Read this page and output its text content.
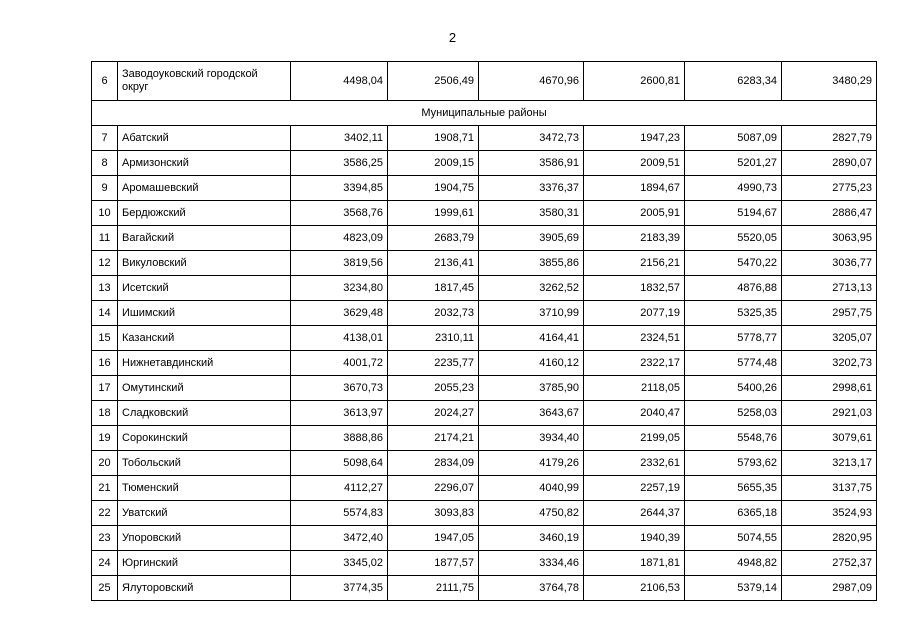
2
6	Заводоуковский городской округ	4498,04	2506,49	4670,96	2600,81	6283,34	3480,29
Муниципальные районы							
7	Абатский	3402,11	1908,71	3472,73	1947,23	5087,09	2827,79
8	Армизонский	3586,25	2009,15	3586,91	2009,51	5201,27	2890,07
9	Аромашевский	3394,85	1904,75	3376,37	1894,67	4990,73	2775,23
10	Бердюжский	3568,76	1999,61	3580,31	2005,91	5194,67	2886,47
11	Вагайский	4823,09	2683,79	3905,69	2183,39	5520,05	3063,95
12	Викуловский	3819,56	2136,41	3855,86	2156,21	5470,22	3036,77
13	Исетский	3234,80	1817,45	3262,52	1832,57	4876,88	2713,13
14	Ишимский	3629,48	2032,73	3710,99	2077,19	5325,35	2957,75
15	Казанский	4138,01	2310,11	4164,41	2324,51	5778,77	3205,07
16	Нижнетавдинский	4001,72	2235,77	4160,12	2322,17	5774,48	3202,73
17	Омутинский	3670,73	2055,23	3785,90	2118,05	5400,26	2998,61
18	Сладковский	3613,97	2024,27	3643,67	2040,47	5258,03	2921,03
19	Сорокинский	3888,86	2174,21	3934,40	2199,05	5548,76	3079,61
20	Тобольский	5098,64	2834,09	4179,26	2332,61	5793,62	3213,17
21	Тюменский	4112,27	2296,07	4040,99	2257,19	5655,35	3137,75
22	Уватский	5574,83	3093,83	4750,82	2644,37	6365,18	3524,93
23	Упоровский	3472,40	1947,05	3460,19	1940,39	5074,55	2820,95
24	Юргинский	3345,02	1877,57	3334,46	1871,81	4948,82	2752,37
25	Ялуторовский	3774,35	2111,75	3764,78	2106,53	5379,14	2987,09
